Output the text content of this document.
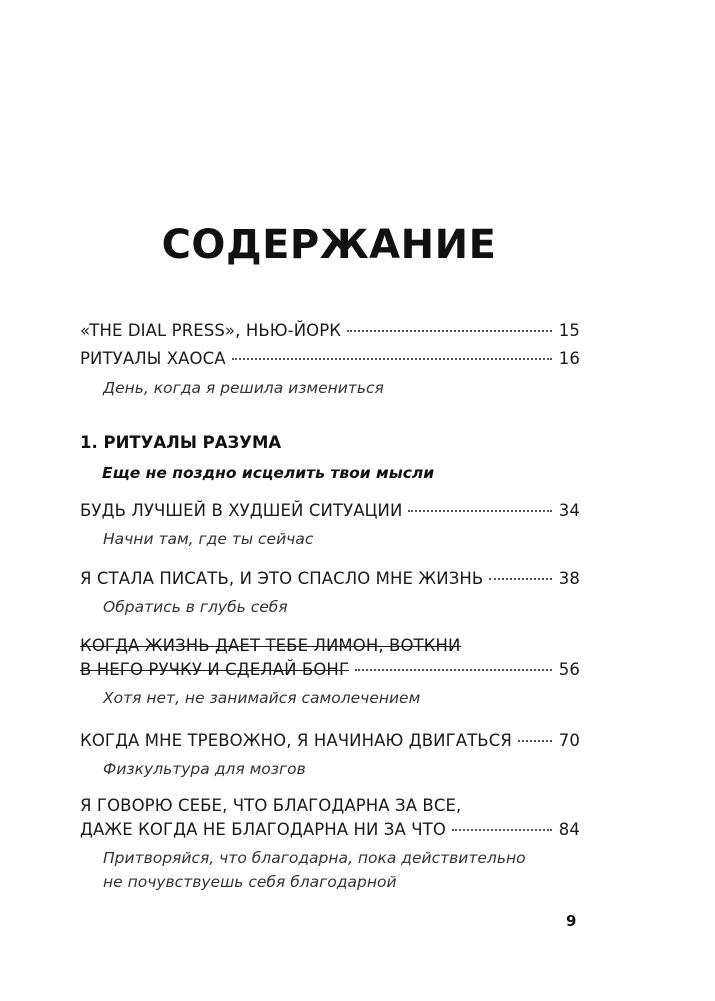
СОДЕРЖАНИЕ
«THE DIAL PRESS», НЬЮ-ЙОРК	15
РИТУАЛЫ ХАОСА	16
День, когда я решила измениться
1. РИТУАЛЫ РАЗУМА
Еще не поздно исцелить твои мысли
БУДЬ ЛУЧШЕЙ В ХУДШЕЙ СИТУАЦИИ	34
Начни там, где ты сейчас
Я СТАЛА ПИСАТЬ, И ЭТО СПАСЛО МНЕ ЖИЗНЬ	38
Обратись в глубь себя
КОГДА ЖИЗНЬ ДАЕТ ТЕБЕ ЛИМОН, ВОТКНИ
В НЕГО РУЧКУ И СДЕЛАЙ БОНГ	56
Хотя нет, не занимайся самолечением
КОГДА МНЕ ТРЕВОЖНО, Я НАЧИНАЮ ДВИГАТЬСЯ	70
Физкультура для мозгов
Я ГОВОРЮ СЕБЕ, ЧТО БЛАГОДАРНА ЗА ВСЕ,
ДАЖЕ КОГДА НЕ БЛАГОДАРНА НИ ЗА ЧТО	84
Притворяйся, что благодарна, пока действительно
не почувствуешь себя благодарной
9
